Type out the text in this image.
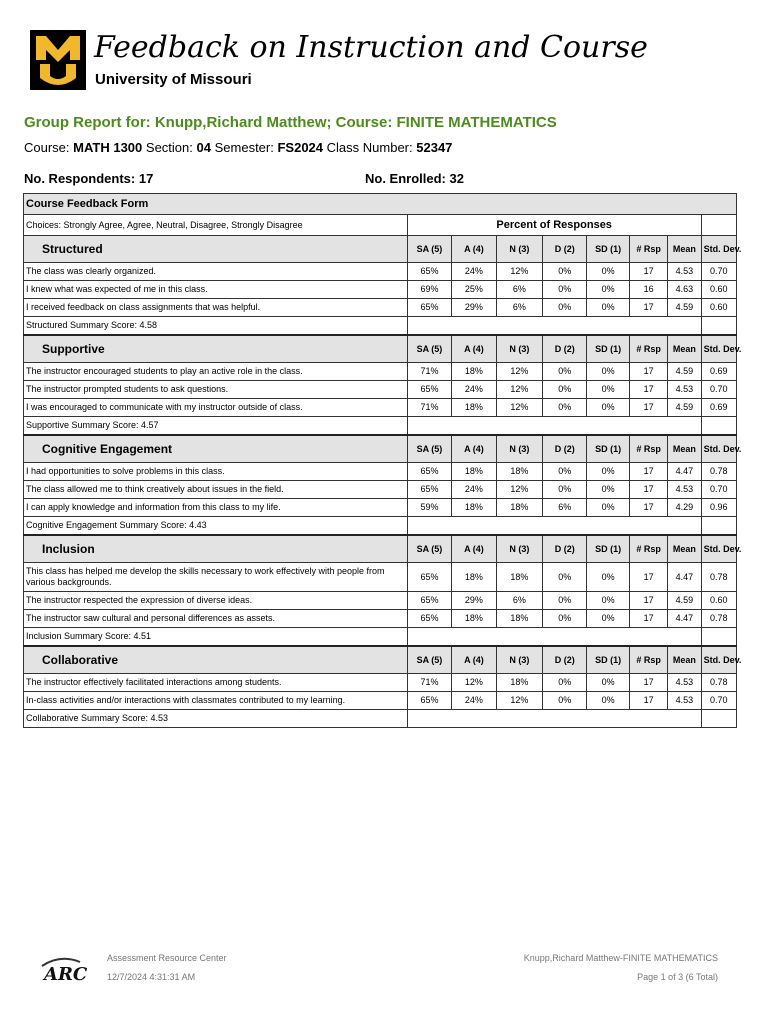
Feedback on Instruction and Course
University of Missouri
Group Report for: Knupp,Richard Matthew; Course: FINITE MATHEMATICS
Course: MATH 1300 Section: 04 Semester: FS2024 Class Number: 52347
No. Respondents: 17	No. Enrolled: 32
Course Feedback Form								
Choices: Strongly Agree, Agree, Neutral, Disagree, Strongly Disagree	Percent of Responses							
Structured	SA (5)	A (4)	N (3)	D (2)	SD (1)	# Rsp	Mean	Std. Dev.
The class was clearly organized.	65%	24%	12%	0%	0%	17	4.53	0.70
I knew what was expected of me in this class.	69%	25%	6%	0%	0%	16	4.63	0.60
I received feedback on class assignments that was helpful.	65%	29%	6%	0%	0%	17	4.59	0.60
Structured Summary Score: 4.58								
Supportive	SA (5)	A (4)	N (3)	D (2)	SD (1)	# Rsp	Mean	Std. Dev.
The instructor encouraged students to play an active role in the class.	71%	18%	12%	0%	0%	17	4.59	0.69
The instructor prompted students to ask questions.	65%	24%	12%	0%	0%	17	4.53	0.70
I was encouraged to communicate with my instructor outside of class.	71%	18%	12%	0%	0%	17	4.59	0.69
Supportive Summary Score: 4.57								
Cognitive Engagement	SA (5)	A (4)	N (3)	D (2)	SD (1)	# Rsp	Mean	Std. Dev.
I had opportunities to solve problems in this class.	65%	18%	18%	0%	0%	17	4.47	0.78
The class allowed me to think creatively about issues in the field.	65%	24%	12%	0%	0%	17	4.53	0.70
I can apply knowledge and information from this class to my life.	59%	18%	18%	6%	0%	17	4.29	0.96
Cognitive Engagement Summary Score: 4.43								
Inclusion	SA (5)	A (4)	N (3)	D (2)	SD (1)	# Rsp	Mean	Std. Dev.
This class has helped me develop the skills necessary to work effectively with people from various backgrounds.	65%	18%	18%	0%	0%	17	4.47	0.78
The instructor respected the expression of diverse ideas.	65%	29%	6%	0%	0%	17	4.59	0.60
The instructor saw cultural and personal differences as assets.	65%	18%	18%	0%	0%	17	4.47	0.78
Inclusion Summary Score: 4.51								
Collaborative	SA (5)	A (4)	N (3)	D (2)	SD (1)	# Rsp	Mean	Std. Dev.
The instructor effectively facilitated interactions among students.	71%	12%	18%	0%	0%	17	4.53	0.78
In-class activities and/or interactions with classmates contributed to my learning.	65%	24%	12%	0%	0%	17	4.53	0.70
Collaborative Summary Score: 4.53								
ARC
Assessment Resource Center
12/7/2024 4:31:31 AM
Knupp,Richard Matthew-FINITE MATHEMATICS
Page 1 of 3 (6 Total)
